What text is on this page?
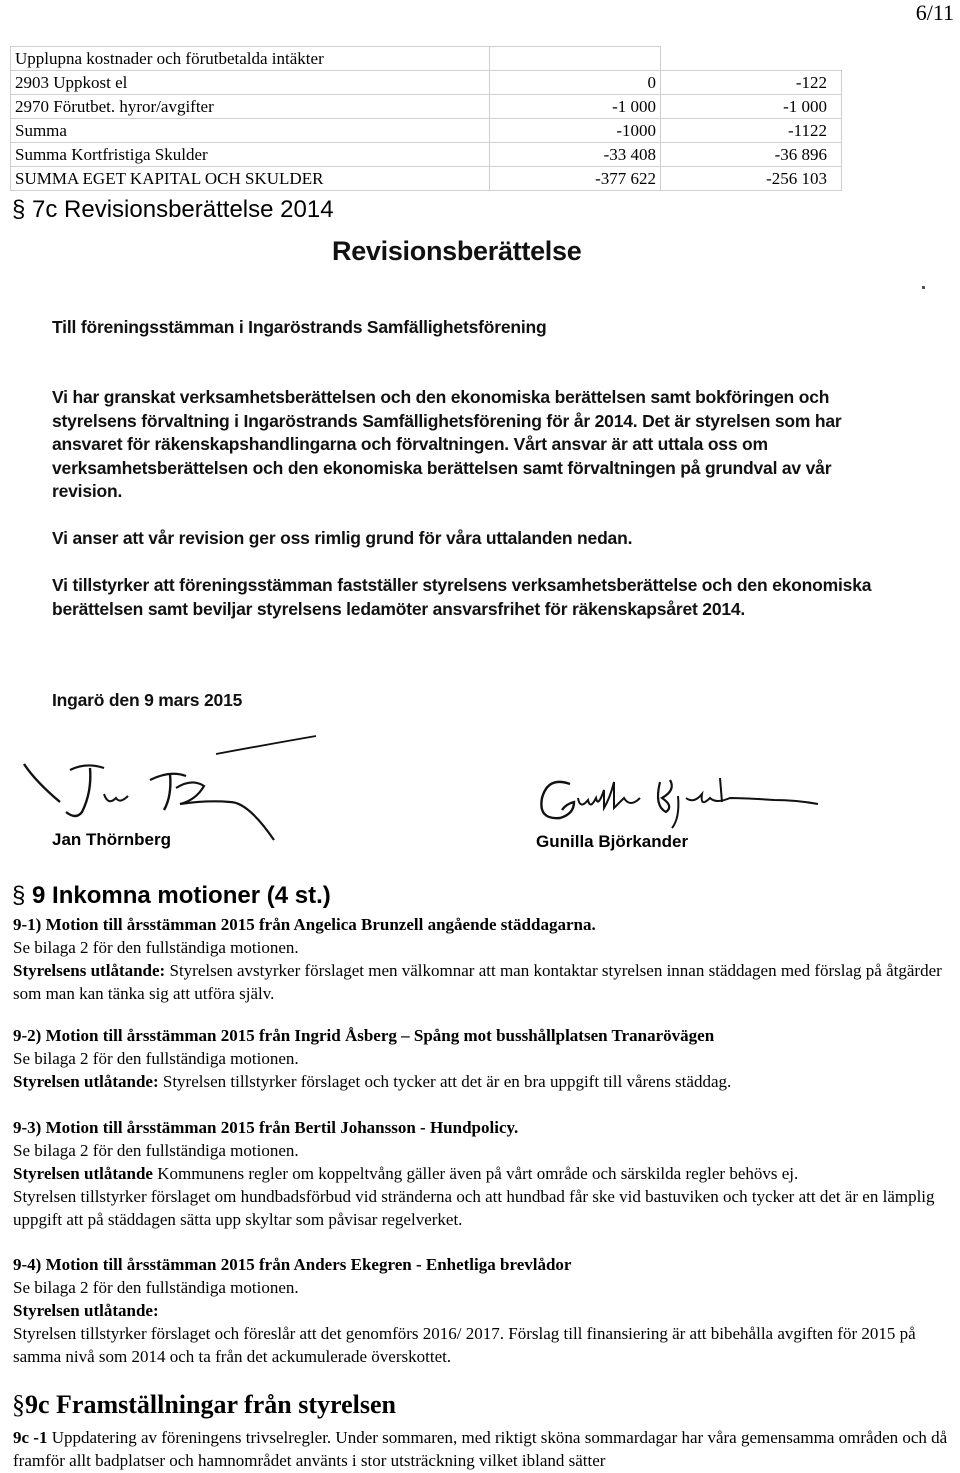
6/11
Upplupna kostnader och förutbetalda intäkter		
2903 Uppkost el	0	-122
2970 Förutbet. hyror/avgifter	-1 000	-1 000
Summa	-1000	-1122
Summa Kortfristiga Skulder	-33 408	-36 896
SUMMA EGET KAPITAL OCH SKULDER	-377 622	-256 103
§ 7c Revisionsberättelse 2014
Revisionsberättelse
Till föreningsstämman i Ingaröstrands Samfällighetsförening
Vi har granskat verksamhetsberättelsen och den ekonomiska berättelsen samt bokföringen och styrelsens förvaltning i Ingaröstrands Samfällighetsförening för år 2014. Det är styrelsen som har ansvaret för räkenskapshandlingarna och förvaltningen. Vårt ansvar är att uttala oss om verksamhetsberättelsen och den ekonomiska berättelsen samt förvaltningen på grundval av vår revision.
Vi anser att vår revision ger oss rimlig grund för våra uttalanden nedan.
Vi tillstyrker att föreningsstämman fastställer styrelsens verksamhetsberättelse och den ekonomiska berättelsen samt beviljar styrelsens ledamöter ansvarsfrihet för räkenskapsåret 2014.
Ingarö den 9 mars 2015
Jan Thörnberg	Gunilla Björkander
§ 9 Inkomna motioner (4 st.)
9-1) Motion till årsstämman 2015 från Angelica Brunzell angående städdagarna.
Se bilaga 2 för den fullständiga motionen.
Styrelsens utlåtande: Styrelsen avstyrker förslaget men välkomnar att man kontaktar styrelsen innan städdagen med förslag på åtgärder som man kan tänka sig att utföra själv.
9-2) Motion till årsstämman 2015 från Ingrid Åsberg – Spång mot busshållplatsen Tranarövägen
Se bilaga 2 för den fullständiga motionen.
Styrelsen utlåtande: Styrelsen tillstyrker förslaget och tycker att det är en bra uppgift till vårens städdag.
9-3) Motion till årsstämman 2015 från Bertil Johansson - Hundpolicy.
Se bilaga 2 för den fullständiga motionen.
Styrelsen utlåtande Kommunens regler om koppeltvång gäller även på vårt område och särskilda regler behövs ej.
Styrelsen tillstyrker förslaget om hundbadsförbud vid stränderna och att hundbad får ske vid bastuviken och tycker att det är en lämplig uppgift att på städdagen sätta upp skyltar som påvisar regelverket.
9-4) Motion till årsstämman 2015 från Anders Ekegren - Enhetliga brevlådor
Se bilaga 2 för den fullständiga motionen.
Styrelsen utlåtande:
Styrelsen tillstyrker förslaget och föreslår att det genomförs 2016/ 2017. Förslag till finansiering är att bibehålla avgiften för 2015 på samma nivå som 2014 och ta från det ackumulerade överskottet.
§9c Framställningar från styrelsen
9c -1 Uppdatering av föreningens trivselregler. Under sommaren, med riktigt sköna sommardagar har våra gemensamma områden och då framför allt badplatser och hamnområdet använts i stor utsträckning vilket ibland sätter
